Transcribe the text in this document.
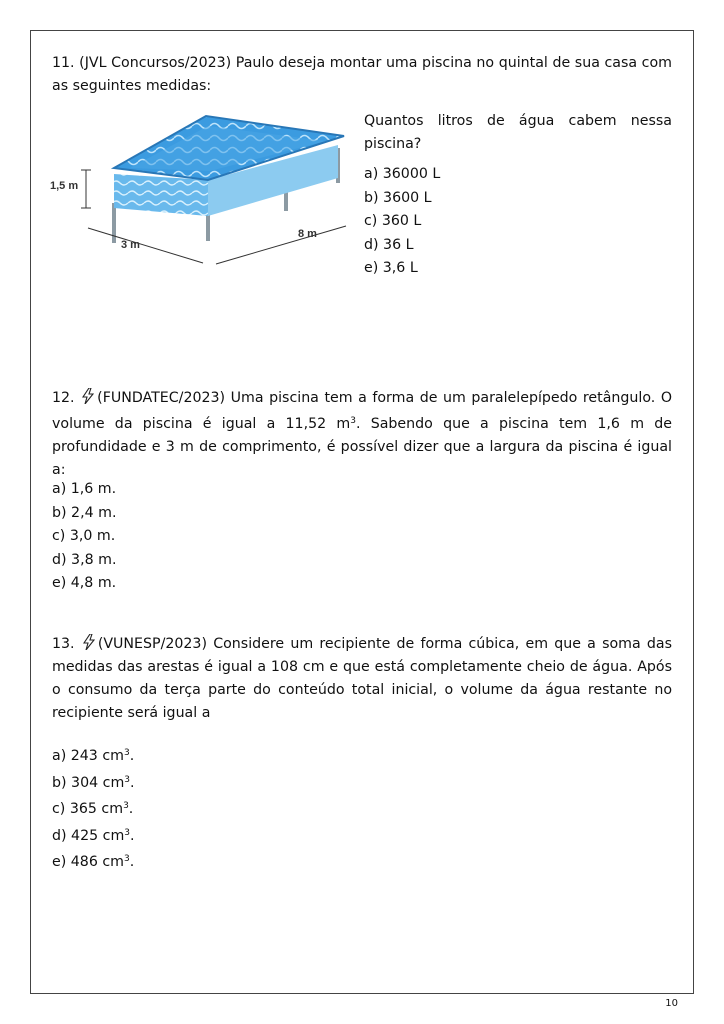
11. (JVL Concursos/2023) Paulo deseja montar uma piscina no quintal de sua casa com as seguintes medidas:

1,5 m
3 m
8 m

Quantos litros de água cabem nessa piscina?

a) 36000 L
b) 3600 L
c) 360 L
d) 36 L
e) 3,6 L

12. (FUNDATEC/2023) Uma piscina tem a forma de um paralelepípedo retângulo. O volume da piscina é igual a 11,52 $m^3$. Sabendo que a piscina tem 1,6 m de profundidade e 3 m de comprimento, é possível dizer que a largura da piscina é igual a:

a) 1,6 m.
b) 2,4 m.
c) 3,0 m.
d) 3,8 m.
e) 4,8 m.

13. (VUNESP/2023) Considere um recipiente de forma cúbica, em que a soma das medidas das arestas é igual a 108 cm e que está completamente cheio de água. Após o consumo da terça parte do conteúdo total inicial, o volume da água restante no recipiente será igual a

a) 243 $cm^3$.
b) 304 $cm^3$.
c) 365 $cm^3$.
d) 425 $cm^3$.
e) 486 $cm^3$.
10
